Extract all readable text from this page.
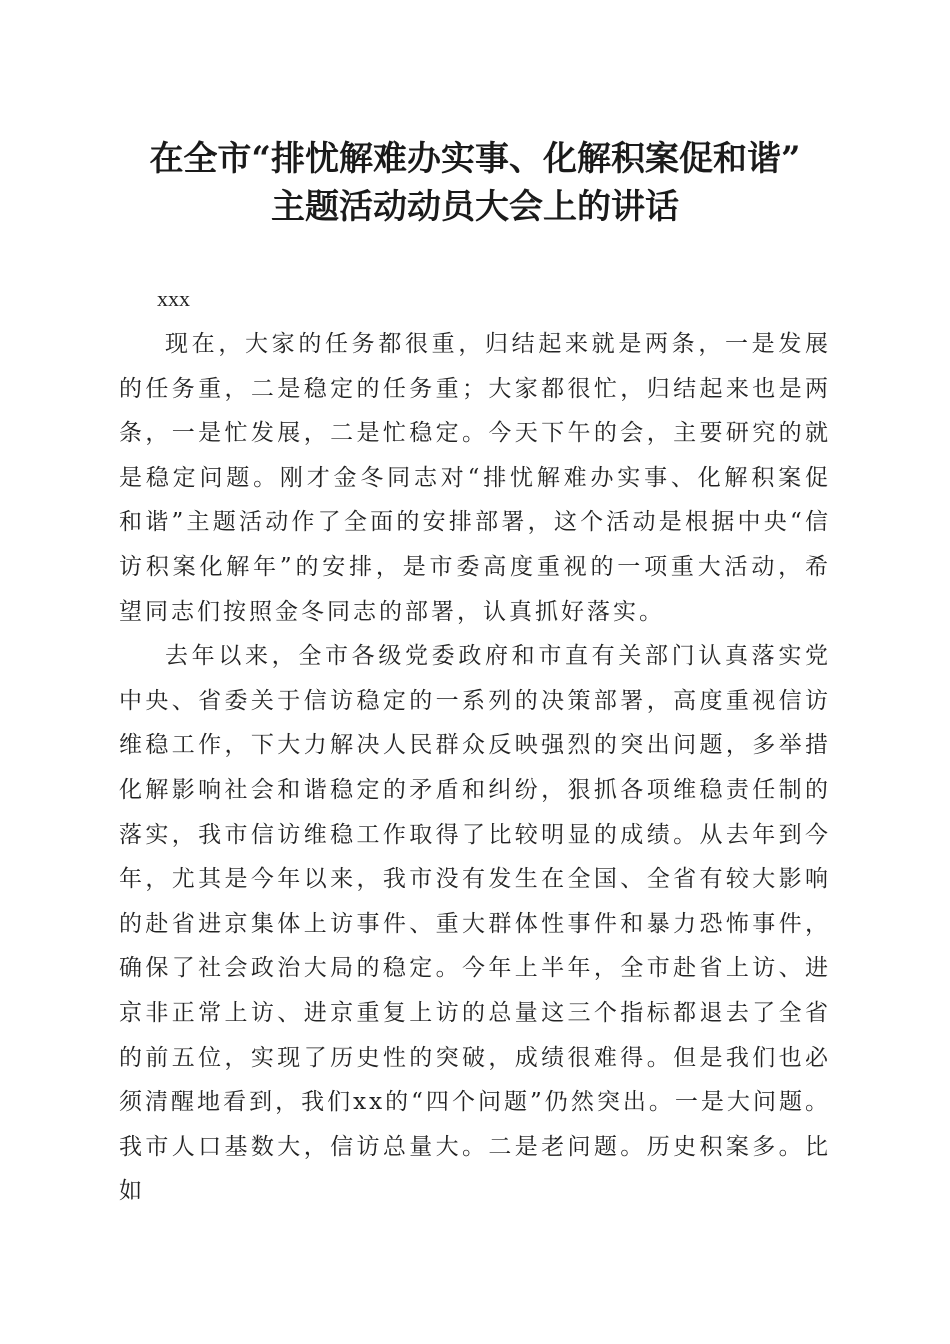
在全市“排忧解难办实事、化解积案促和谐”
主题活动动员大会上的讲话
xxx

现在，大家的任务都很重，归结起来就是两条，一是发展的任务重，二是稳定的任务重；大家都很忙，归结起来也是两条，一是忙发展，二是忙稳定。今天下午的会，主要研究的就是稳定问题。刚才金冬同志对“排忧解难办实事、化解积案促和谐”主题活动作了全面的安排部署，这个活动是根据中央“信访积案化解年”的安排，是市委高度重视的一项重大活动，希望同志们按照金冬同志的部署，认真抓好落实。

去年以来，全市各级党委政府和市直有关部门认真落实党中央、省委关于信访稳定的一系列的决策部署，高度重视信访维稳工作，下大力解决人民群众反映强烈的突出问题，多举措化解影响社会和谐稳定的矛盾和纠纷，狠抓各项维稳责任制的落实，我市信访维稳工作取得了比较明显的成绩。从去年到今年，尤其是今年以来，我市没有发生在全国、全省有较大影响的赴省进京集体上访事件、重大群体性事件和暴力恐怖事件，确保了社会政治大局的稳定。今年上半年，全市赴省上访、进京非正常上访、进京重复上访的总量这三个指标都退去了全省的前五位，实现了历史性的突破，成绩很难得。但是我们也必须清醒地看到，我们xx的“四个问题”仍然突出。一是大问题。我市人口基数大，信访总量大。二是老问题。历史积案多。比如
